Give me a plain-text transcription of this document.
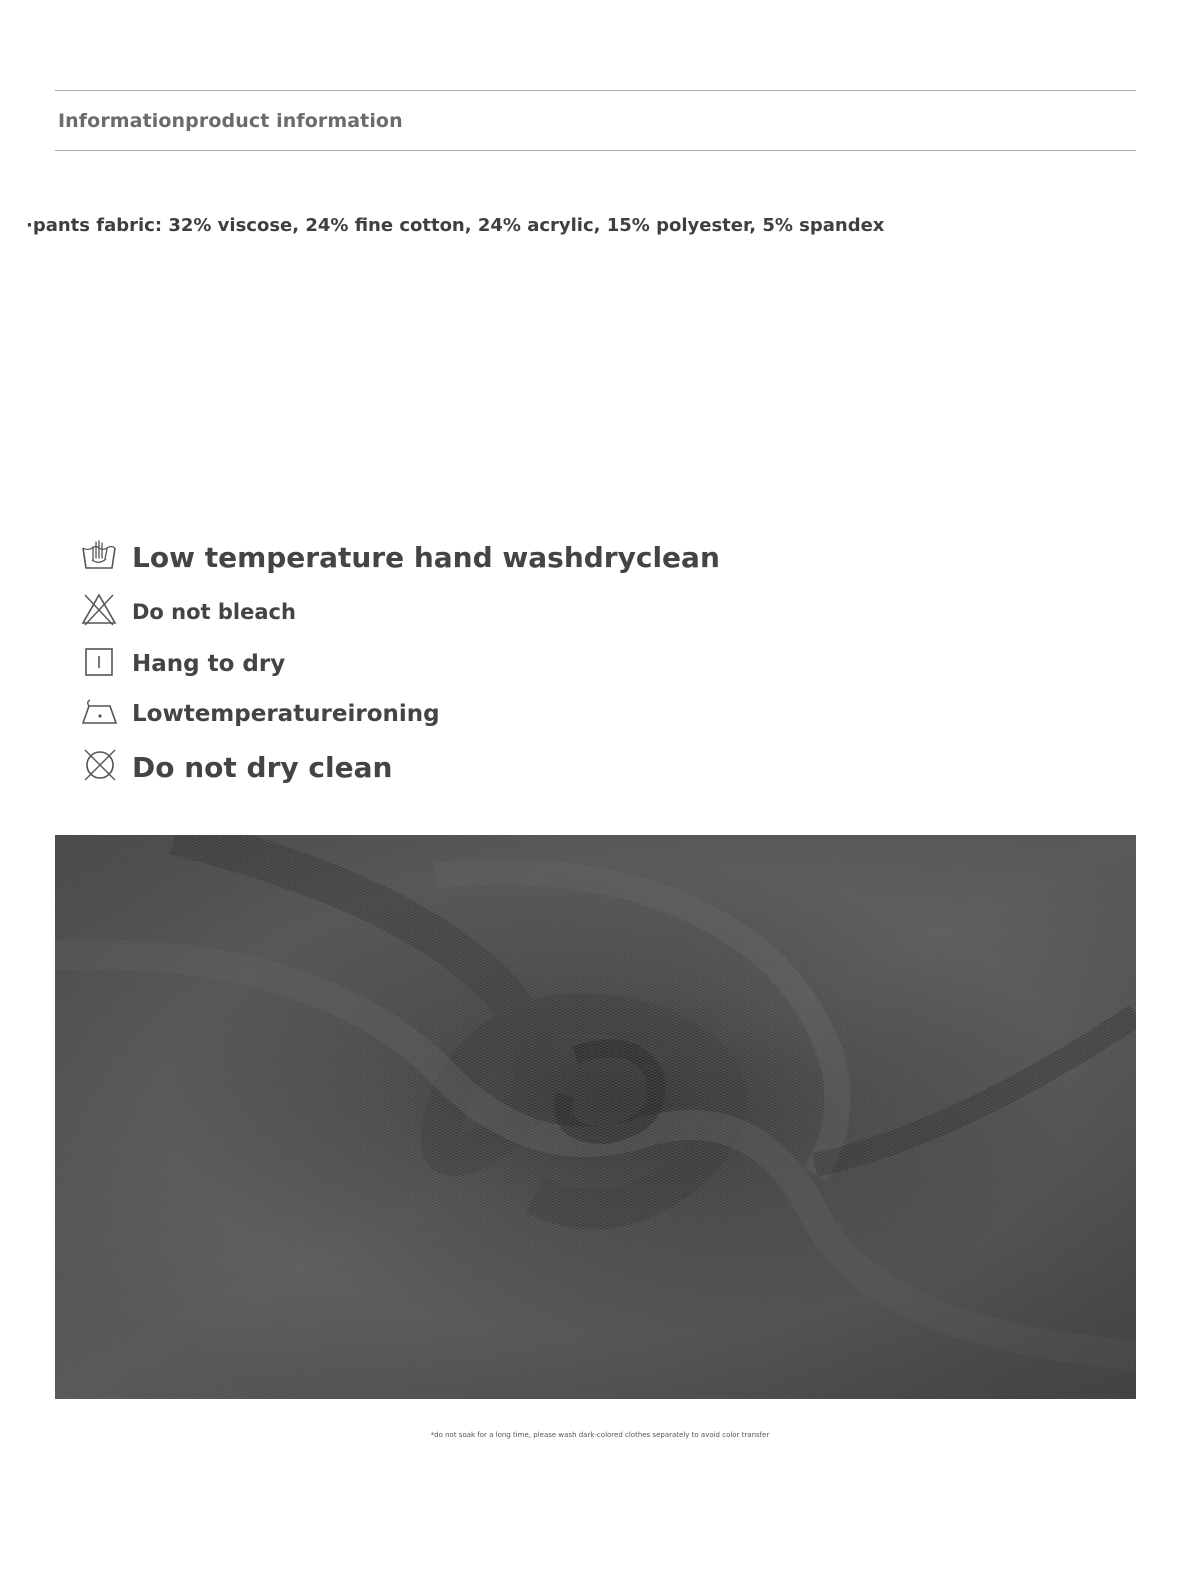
Informationproduct information
·pants fabric: 32% viscose, 24% fine cotton, 24% acrylic, 15% polyester, 5% spandex
Low temperature hand washdryclean
Do not bleach
Hang to dry
Lowtemperatureironing
Do not dry clean
*do not soak for a long time, please wash dark-colored clothes separately to avoid color transfer
